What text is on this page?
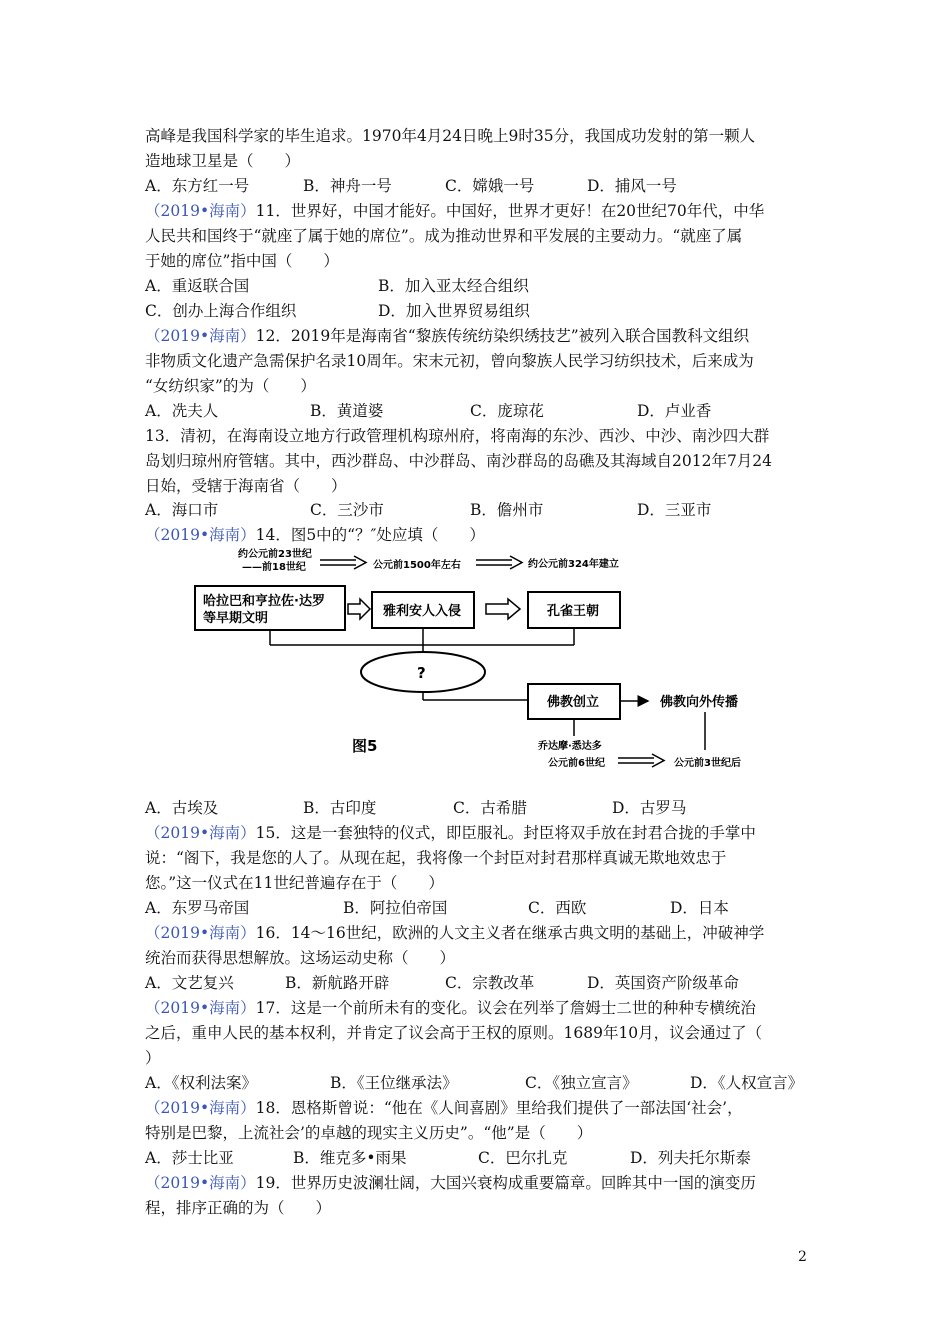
高峰是我国科学家的毕生追求。1970年4月24日晚上9时35分，我国成功发射的第一颗人
造地球卫星是（　　）
A．东方红一号	B．神舟一号	C．嫦娥一号	D．捕风一号
（2019•海南）11．世界好，中国才能好。中国好，世界才更好！在20世纪70年代，中华
人民共和国终于“就座了属于她的席位”。成为推动世界和平发展的主要动力。“就座了属
于她的席位”指中国（　　）
A．重返联合国	B．加入亚太经合组织
C．创办上海合作组织	D．加入世界贸易组织
（2019•海南）12．2019年是海南省“黎族传统纺染织绣技艺”被列入联合国教科文组织
非物质文化遗产急需保护名录10周年。宋末元初，曾向黎族人民学习纺织技术，后来成为
“女纺织家”的为（　　）
A．冼夫人	B．黄道婆	C．庞琼花	D．卢业香
13．清初，在海南设立地方行政管理机构琼州府，将南海的东沙、西沙、中沙、南沙四大群
岛划归琼州府管辖。其中，西沙群岛、中沙群岛、南沙群岛的岛礁及其海域自2012年7月24
日始，受辖于海南省（　　）
A．海口市	C．三沙市	B．儋州市	D．三亚市
（2019•海南）14．图5中的“？″处应填（　　）
约公元前23世纪
——前18世纪	公元前1500年左右	约公元前324年建立
哈拉巴和亨拉佐·达罗
等早期文明	雅利安人入侵	孔雀王朝
?
佛教创立	佛教向外传播
图5	乔达摩·悉达多
公元前6世纪	公元前3世纪后
A．古埃及	B．古印度	C．古希腊	D．古罗马
（2019•海南）15．这是一套独特的仪式，即臣服礼。封臣将双手放在封君合拢的手掌中
说：“阁下，我是您的人了。从现在起，我将像一个封臣对封君那样真诚无欺地效忠于
您。”这一仪式在11世纪普遍存在于（　　）
A．东罗马帝国	B．阿拉伯帝国	C．西欧	D．日本
（2019•海南）16．14～16世纪，欧洲的人文主义者在继承古典文明的基础上，冲破神学
统治而获得思想解放。这场运动史称（　　）
A．文艺复兴	B．新航路开辟	C．宗教改革	D．英国资产阶级革命
（2019•海南）17．这是一个前所未有的变化。议会在列举了詹姆士二世的种种专横统治
之后，重申人民的基本权利，并肯定了议会高于王权的原则。1689年10月，议会通过了（
）
A．《权利法案》	B．《王位继承法》	C．《独立宣言》	D．《人权宣言》
（2019•海南）18．恩格斯曾说：“他在《人间喜剧》里给我们提供了一部法国‘社会’，
特别是巴黎，上流社会’的卓越的现实主义历史”。“他”是（　　）
A．莎士比亚	B．维克多•雨果	C．巴尔扎克	D．列夫托尔斯泰
（2019•海南）19．世界历史波澜壮阔，大国兴衰构成重要篇章。回眸其中一国的演变历
程，排序正确的为（　　）
2
